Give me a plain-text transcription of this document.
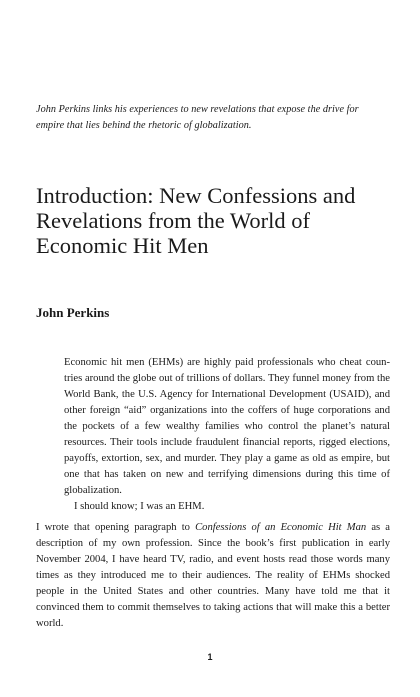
John Perkins links his experiences to new revelations that expose the drive for empire that lies behind the rhetoric of globalization.

Introduction: New Confessions and Revelations from the World of Economic Hit Men

John Perkins

Economic hit men (EHMs) are highly paid professionals who cheat countries around the globe out of trillions of dollars. They funnel money from the World Bank, the U.S. Agency for International Development (USAID), and other foreign “aid” organizations into the coffers of huge corporations and the pockets of a few wealthy families who control the planet’s natural resources. Their tools include fraudulent financial reports, rigged elections, payoffs, extortion, sex, and murder. They play a game as old as empire, but one that has taken on new and terrifying dimensions during this time of globalization.

I should know; I was an EHM.

I wrote that opening paragraph to Confessions of an Economic Hit Man as a description of my own profession. Since the book’s first publication in early November 2004, I have heard TV, radio, and event hosts read those words many times as they introduced me to their audiences. The reality of EHMs shocked people in the United States and other countries. Many have told me that it convinced them to commit themselves to taking actions that will make this a better world.

1
